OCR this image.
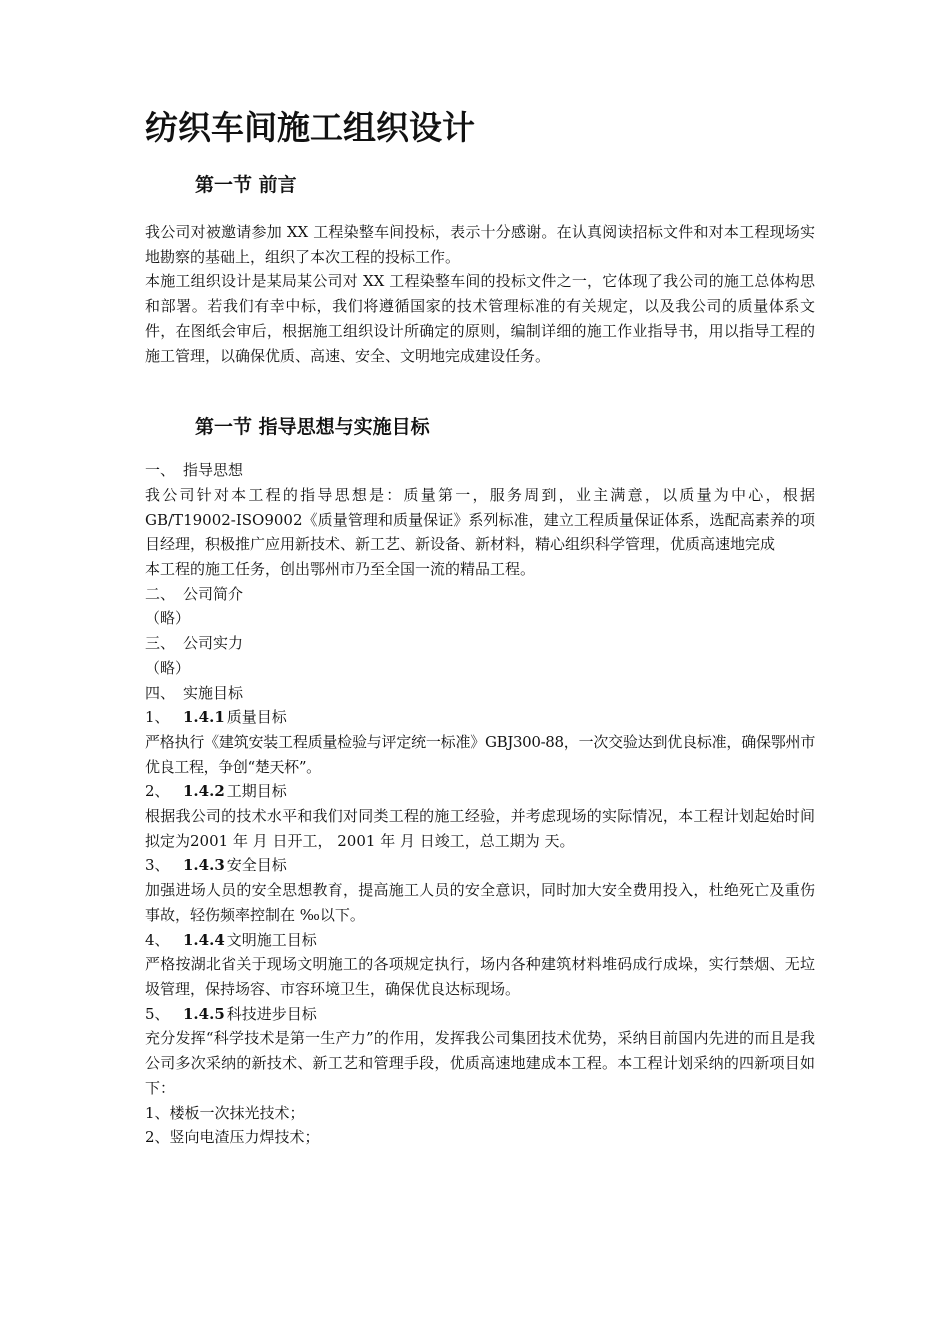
纺织车间施工组织设计
第一节 前言

我公司对被邀请参加 XX 工程染整车间投标，表示十分感谢。在认真阅读招标文件和对本工程现场实地勘察的基础上，组织了本次工程的投标工作。

本施工组织设计是某局某公司对 XX 工程染整车间的投标文件之一，它体现了我公司的施工总体构思和部署。若我们有幸中标，我们将遵循国家的技术管理标准的有关规定，以及我公司的质量体系文件，在图纸会审后，根据施工组织设计所确定的原则，编制详细的施工作业指导书，用以指导工程的施工管理，以确保优质、高速、安全、文明地完成建设任务。

第一节 指导思想与实施目标

一、 指导思想

我公司针对本工程的指导思想是：质量第一，服务周到，业主满意，以质量为中心，根据GB/T19002-ISO9002《质量管理和质量保证》系列标准，建立工程质量保证体系，选配高素养的项目经理，积极推广应用新技术、新工艺、新设备、新材料，精心组织科学管理，优质高速地完成

本工程的施工任务，创出鄂州市乃至全国一流的精品工程。

二、 公司简介

（略）

三、 公司实力

（略）

四、 实施目标

1、 1.4.1 质量目标

严格执行《建筑安装工程质量检验与评定统一标准》GBJ300-88，一次交验达到优良标准，确保鄂州市优良工程，争创“楚天杯”。

2、 1.4.2 工期目标

根据我公司的技术水平和我们对同类工程的施工经验，并考虑现场的实际情况，本工程计划起始时间拟定为2001 年 月 日开工， 2001 年 月 日竣工，总工期为 天。

3、 1.4.3 安全目标

加强进场人员的安全思想教育，提高施工人员的安全意识，同时加大安全费用投入，杜绝死亡及重伤事故，轻伤频率控制在 ‰以下。

4、 1.4.4 文明施工目标

严格按湖北省关于现场文明施工的各项规定执行，场内各种建筑材料堆码成行成垛，实行禁烟、无垃圾管理，保持场容、市容环境卫生，确保优良达标现场。

5、 1.4.5 科技进步目标

充分发挥“科学技术是第一生产力”的作用，发挥我公司集团技术优势，采纳目前国内先进的而且是我公司多次采纳的新技术、新工艺和管理手段，优质高速地建成本工程。本工程计划采纳的四新项目如下：

1、楼板一次抹光技术；

2、竖向电渣压力焊技术；
